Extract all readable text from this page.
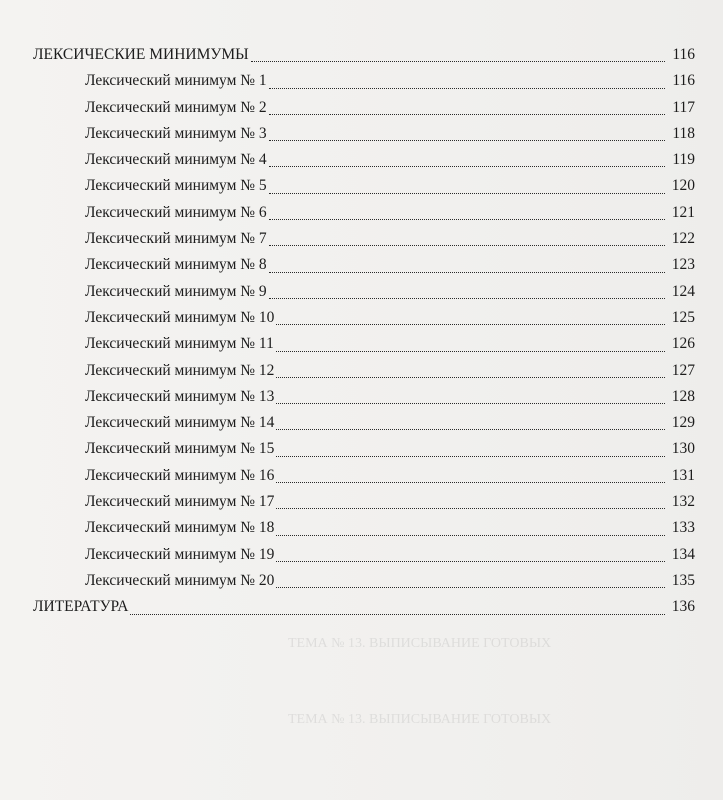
ТЕМА № 13. ВЫПИСЫВАНИЕ ГОТОВЫХ
ТЕМА № 13. ВЫПИСЫВАНИЕ ГОТОВЫХ
ЛЕКСИЧЕСКИЕ МИНИМУМЫ	116
Лексический минимум № 1	116
Лексический минимум № 2	117
Лексический минимум № 3	118
Лексический минимум № 4	119
Лексический минимум № 5	120
Лексический минимум № 6	121
Лексический минимум № 7	122
Лексический минимум № 8	123
Лексический минимум № 9	124
Лексический минимум № 10	125
Лексический минимум № 11	126
Лексический минимум № 12	127
Лексический минимум № 13	128
Лексический минимум № 14	129
Лексический минимум № 15	130
Лексический минимум № 16	131
Лексический минимум № 17	132
Лексический минимум № 18	133
Лексический минимум № 19	134
Лексический минимум № 20	135
ЛИТЕРАТУРА	136
